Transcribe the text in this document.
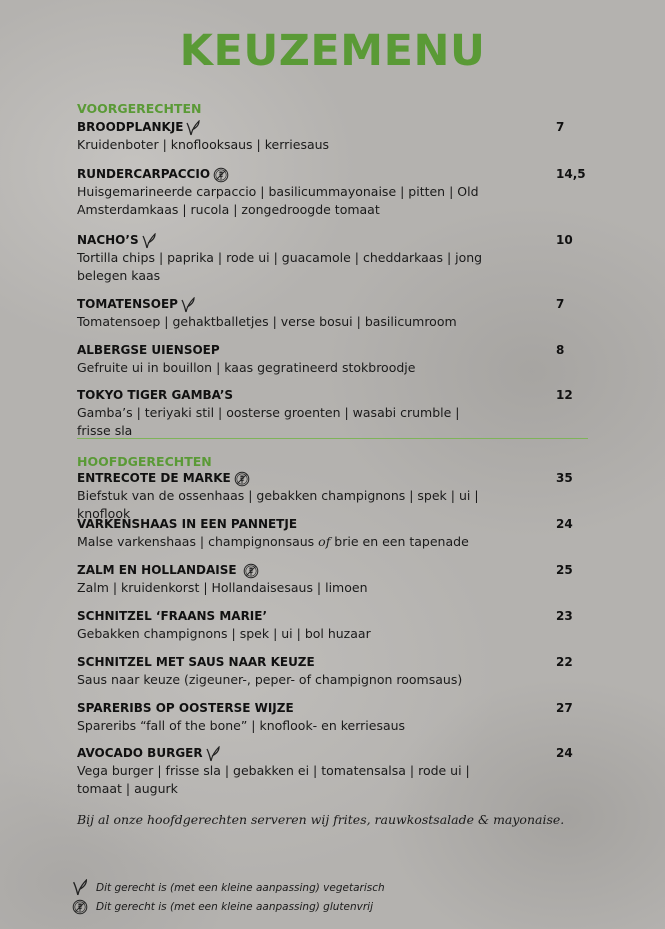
KEUZEMENU
VOORGERECHTEN
BROODPLANKJE	7
Kruidenboter | knoflooksaus | kerriesaus
RUNDERCARPACCIO	14,5
Huisgemarineerde carpaccio | basilicummayonaise | pitten | Old Amsterdamkaas | rucola | zongedroogde tomaat
NACHO’S	10
Tortilla chips | paprika | rode ui | guacamole | cheddarkaas | jong belegen kaas
TOMATENSOEP	7
Tomatensoep | gehaktballetjes | verse bosui | basilicumroom
ALBERGSE UIENSOEP	8
Gefruite ui in bouillon | kaas gegratineerd stokbroodje
TOKYO TIGER GAMBA’S	12
Gamba’s | teriyaki stil | oosterse groenten | wasabi crumble | frisse sla
HOOFDGERECHTEN
ENTRECOTE DE MARKE	35
Biefstuk van de ossenhaas | gebakken champignons | spek | ui | knoflook
VARKENSHAAS IN EEN PANNETJE	24
Malse varkenshaas | champignonsaus of brie en een tapenade
ZALM EN HOLLANDAISE	25
Zalm | kruidenkorst | Hollandaisesaus | limoen
SCHNITZEL ‘FRAANS MARIE’	23
Gebakken champignons | spek | ui | bol huzaar
SCHNITZEL MET SAUS NAAR KEUZE	22
Saus naar keuze (zigeuner-, peper- of champignon roomsaus)
SPARERIBS OP OOSTERSE WIJZE	27
Spareribs “fall of the bone” | knoflook- en kerriesaus
AVOCADO BURGER	24
Vega burger | frisse sla | gebakken ei | tomatensalsa | rode ui | tomaat | augurk
Bij al onze hoofdgerechten serveren wij frites, rauwkostsalade & mayonaise.
Dit gerecht is (met een kleine aanpassing) vegetarisch
Dit gerecht is (met een kleine aanpassing) glutenvrij
